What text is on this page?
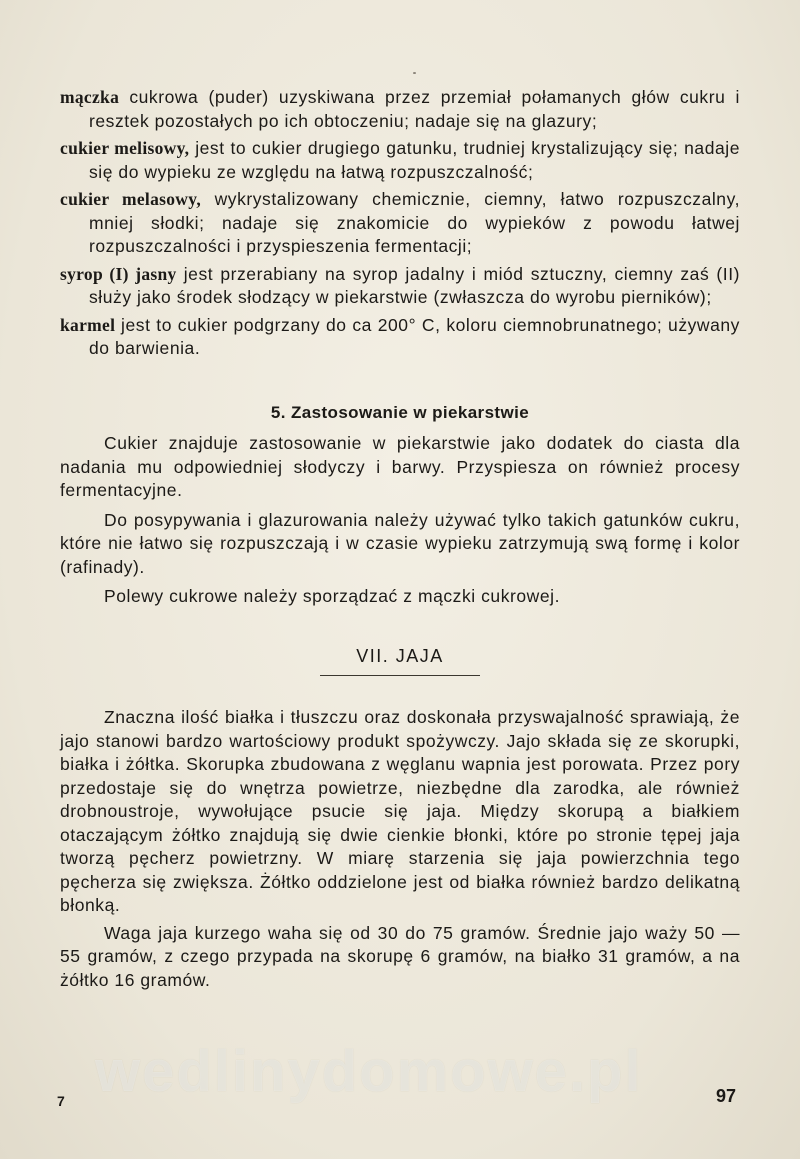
mączka cukrowa (puder) uzyskiwana przez przemiał połamanych głów cukru i resztek pozostałych po ich obtoczeniu; nadaje się na glazury;

cukier melisowy, jest to cukier drugiego gatunku, trudniej krystalizujący się; nadaje się do wypieku ze względu na łatwą rozpuszczalność;

cukier melasowy, wykrystalizowany chemicznie, ciemny, łatwo rozpuszczalny, mniej słodki; nadaje się znakomicie do wypieków z powodu łatwej rozpuszczalności i przyspieszenia fermentacji;

syrop (I) jasny jest przerabiany na syrop jadalny i miód sztuczny, ciemny zaś (II) służy jako środek słodzący w piekarstwie (zwłaszcza do wyrobu pierników);

karmel jest to cukier podgrzany do ca 200° C, koloru ciemnobrunatnego; używany do barwienia.

5. Zastosowanie w piekarstwie

Cukier znajduje zastosowanie w piekarstwie jako dodatek do ciasta dla nadania mu odpowiedniej słodyczy i barwy. Przyspiesza on również procesy fermentacyjne.

Do posypywania i glazurowania należy używać tylko takich gatunków cukru, które nie łatwo się rozpuszczają i w czasie wypieku zatrzymują swą formę i kolor (rafinady).

Polewy cukrowe należy sporządzać z mączki cukrowej.

VII. JAJA

Znaczna ilość białka i tłuszczu oraz doskonała przyswajalność sprawiają, że jajo stanowi bardzo wartościowy produkt spożywczy. Jajo składa się ze skorupki, białka i żółtka. Skorupka zbudowana z węglanu wapnia jest porowata. Przez pory przedostaje się do wnętrza powietrze, niezbędne dla zarodka, ale również drobnoustroje, wywołujące psucie się jaja. Między skorupą a białkiem otaczającym żółtko znajdują się dwie cienkie błonki, które po stronie tępej jaja tworzą pęcherz powietrzny. W miarę starzenia się jaja powierzchnia tego pęcherza się zwiększa. Żółtko oddzielone jest od białka również bardzo delikatną błonką.

Waga jaja kurzego waha się od 30 do 75 gramów. Średnie jajo waży 50 — 55 gramów, z czego przypada na skorupę 6 gramów, na białko 31 gramów, a na żółtko 16 gramów.

wedlinydomowe.pl
7	97
